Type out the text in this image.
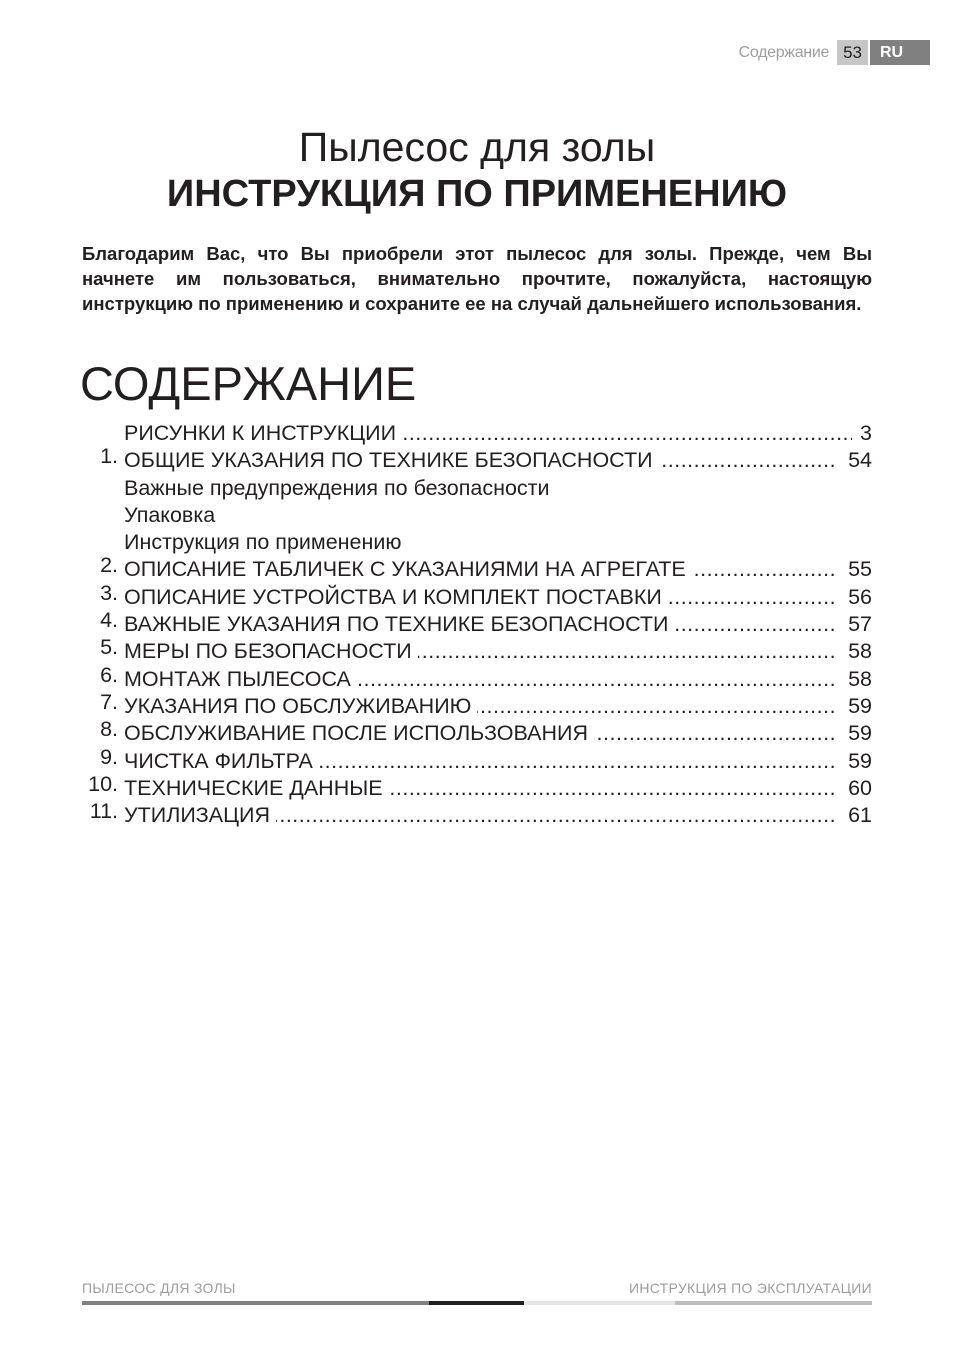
Содержание 53	RU
Пылесос для золы
ИНСТРУКЦИЯ ПО ПРИМЕНЕНИЮ

Благодарим Вас, что Вы приобрели этот пылесос для золы. Прежде, чем Вы начнете им пользоваться, внимательно прочтите, пожалуйста, настоящую инструкцию по применению и сохраните ее на случай дальнейшего использования.

СОДЕРЖАНИЕ
.....
РИСУНКИ К ИНСТРУКЦИИ	3
1. ..... ОБЩИЕ УКАЗАНИЯ ПО ТЕХНИКЕ БЕЗОПАСНОСТИ	54
Важные предупреждения по безопасности
Упаковка
Инструкция по применению
2. ..... ОПИСАНИЕ ТАБЛИЧЕК С УКАЗАНИЯМИ НА АГРЕГАТЕ	55
3. ..... ОПИСАНИЕ УСТРОЙСТВА И КОМПЛЕКТ ПОСТАВКИ	56
4. ..... ВАЖНЫЕ УКАЗАНИЯ ПО ТЕХНИКЕ БЕЗОПАСНОСТИ	57
5. ..... МЕРЫ ПО БЕЗОПАСНОСТИ	58
6. ..... МОНТАЖ ПЫЛЕСОСА	58
7. ..... УКАЗАНИЯ ПО ОБСЛУЖИВАНИЮ	59
8. ..... ОБСЛУЖИВАНИЕ ПОСЛЕ ИСПОЛЬЗОВАНИЯ	59
9. ..... ЧИСТКА ФИЛЬТРА	59
10. ..... ТЕХНИЧЕСКИЕ ДАННЫЕ	60
11. ..... УТИЛИЗАЦИЯ	61
ПЫЛЕСОС ДЛЯ ЗОЛЫ	ИНСТРУКЦИЯ ПО ЭКСПЛУАТАЦИИ
